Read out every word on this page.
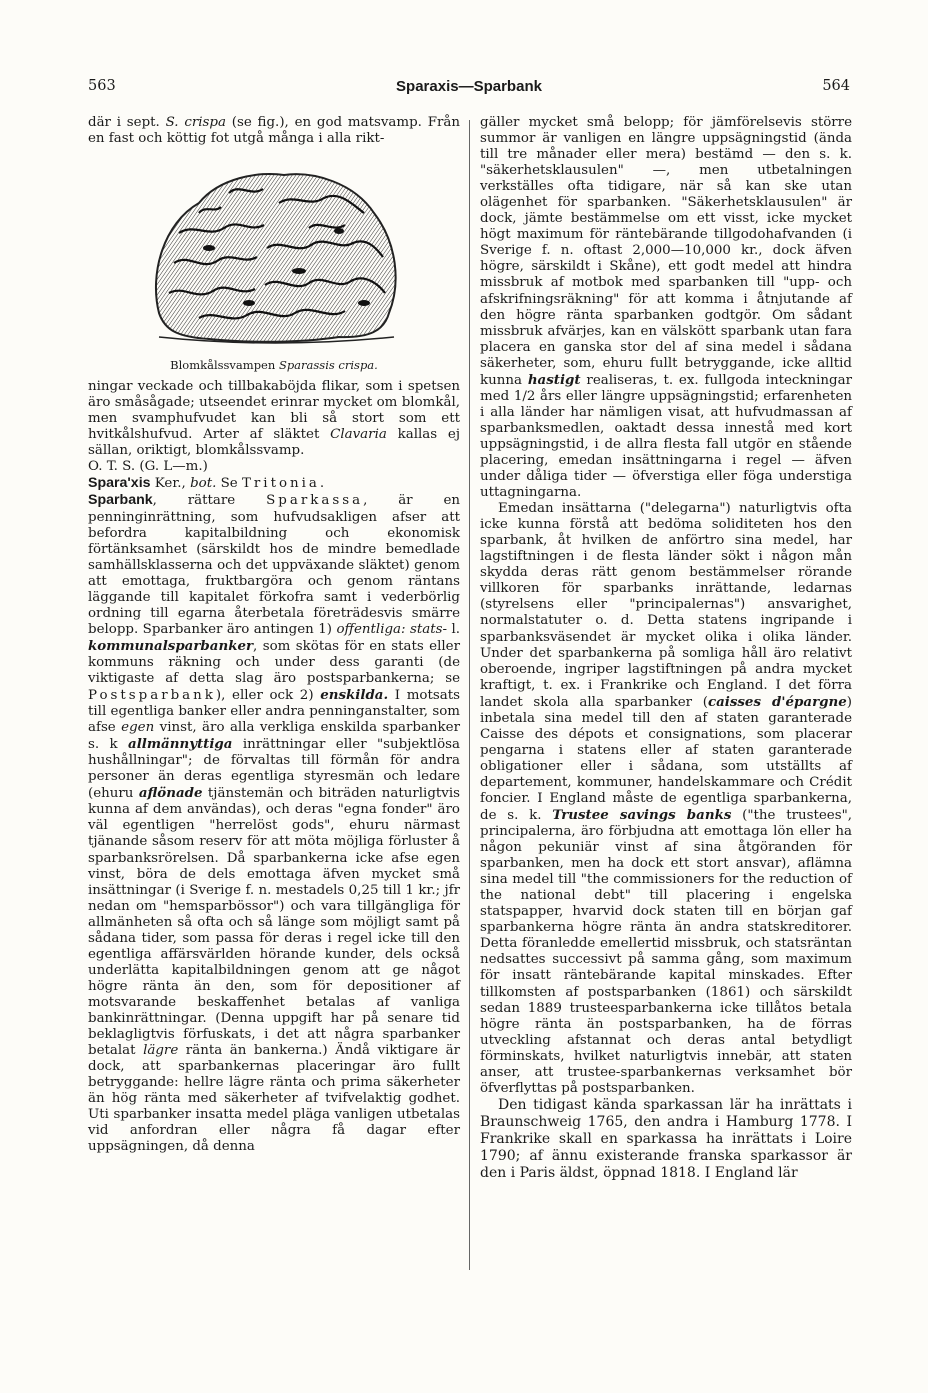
563	Sparaxis—Sparbank	564

där i sept. S. crispa (se fig.), en god matsvamp. Från en fast och köttig fot utgå många i alla rikt-

Blomkålssvampen Sparassis crispa.

ningar veckade och tillbakaböjda flikar, som i spetsen äro småsågade; utseendet erinrar mycket om blomkål, men svamphufvudet kan bli så stort som ett hvitkålshufvud. Arter af släktet Clavaria kallas ej sällan, oriktigt, blomkålssvamp.

O. T. S. (G. L—m.)

Spara'xis Ker., bot. Se Tritonia.

Sparbank, rättare Sparkassa, är en penninginrättning, som hufvudsakligen afser att befordra kapitalbildning och ekonomisk förtänksamhet (särskildt hos de mindre bemedlade samhällsklasserna och det uppväxande släktet) genom att emottaga, fruktbargöra och genom räntans läggande till kapitalet förkofra samt i vederbörlig ordning till egarna återbetala företrädesvis smärre belopp. Sparbanker äro antingen 1) offentliga: stats- l. kommunalsparbanker, som skötas för en stats eller kommuns räkning och under dess garanti (de viktigaste af detta slag äro postsparbankerna; se Postsparbank), eller ock 2) enskilda. I motsats till egentliga banker eller andra penninganstalter, som afse egen vinst, äro alla verkliga enskilda sparbanker s. k allmännyttiga inrättningar eller "subjektlösa hushållningar"; de förvaltas till förmån för andra personer än deras egentliga styresmän och ledare (ehuru aflönade tjänstemän och biträden naturligtvis kunna af dem användas), och deras "egna fonder" äro väl egentligen "herrelöst gods", ehuru närmast tjänande såsom reserv för att möta möjliga förluster å sparbanksrörelsen. Då sparbankerna icke afse egen vinst, böra de dels emottaga äfven mycket små insättningar (i Sverige f. n. mestadels 0,25 till 1 kr.; jfr nedan om "hemsparbössor") och vara tillgängliga för allmänheten så ofta och så länge som möjligt samt på sådana tider, som passa för deras i regel icke till den egentliga affärsvärlden hörande kunder, dels också underlätta kapitalbildningen genom att ge något högre ränta än den, som för depositioner af motsvarande beskaffenhet betalas af vanliga bankinrättningar. (Denna uppgift har på senare tid beklagligtvis förfuskats, i det att några sparbanker betalat lägre ränta än bankerna.) Ändå viktigare är dock, att sparbankernas placeringar äro fullt betryggande: hellre lägre ränta och prima säkerheter än hög ränta med säkerheter af tvifvelaktig godhet. Uti sparbanker insatta medel pläga vanligen utbetalas vid anfordran eller några få dagar efter uppsägningen, då denna

gäller mycket små belopp; för jämförelsevis större summor är vanligen en längre uppsägningstid (ända till tre månader eller mera) bestämd — den s. k. "säkerhetsklausulen" —, men utbetalningen verkställes ofta tidigare, när så kan ske utan olägenhet för sparbanken. "Säkerhetsklausulen" är dock, jämte bestämmelse om ett visst, icke mycket högt maximum för räntebärande tillgodohafvanden (i Sverige f. n. oftast 2,000—10,000 kr., dock äfven högre, särskildt i Skåne), ett godt medel att hindra missbruk af motbok med sparbanken till "upp- och afskrifningsräkning" för att komma i åtnjutande af den högre ränta sparbanken godtgör. Om sådant missbruk afvärjes, kan en välskött sparbank utan fara placera en ganska stor del af sina medel i sådana säkerheter, som, ehuru fullt betryggande, icke alltid kunna hastigt realiseras, t. ex. fullgoda inteckningar med 1/2 års eller längre uppsägningstid; erfarenheten i alla länder har nämligen visat, att hufvudmassan af sparbanksmedlen, oaktadt dessa innestå med kort uppsägningstid, i de allra flesta fall utgör en stående placering, emedan insättningarna i regel — äfven under dåliga tider — öfverstiga eller föga understiga uttagningarna.

Emedan insättarna ("delegarna") naturligtvis ofta icke kunna förstå att bedöma soliditeten hos den sparbank, åt hvilken de anförtro sina medel, har lagstiftningen i de flesta länder sökt i någon mån skydda deras rätt genom bestämmelser rörande villkoren för sparbanks inrättande, ledarnas (styrelsens eller "principalernas") ansvarighet, normalstatuter o. d. Detta statens ingripande i sparbanksväsendet är mycket olika i olika länder. Under det sparbankerna på somliga håll äro relativt oberoende, ingriper lagstiftningen på andra mycket kraftigt, t. ex. i Frankrike och England. I det förra landet skola alla sparbanker (caisses d'épargne) inbetala sina medel till den af staten garanterade Caisse des dépots et consignations, som placerar pengarna i statens eller af staten garanterade obligationer eller i sådana, som utställts af departement, kommuner, handelskammare och Crédit foncier. I England måste de egentliga sparbankerna, de s. k. Trustee savings banks ("the trustees", principalerna, äro förbjudna att emottaga lön eller ha någon pekuniär vinst af sina åtgöranden för sparbanken, men ha dock ett stort ansvar), aflämna sina medel till "the commissioners for the reduction of the national debt" till placering i engelska statspapper, hvarvid dock staten till en början gaf sparbankerna högre ränta än andra statskreditorer. Detta föranledde emellertid missbruk, och statsräntan nedsattes successivt på samma gång, som maximum för insatt räntebärande kapital minskades. Efter tillkomsten af postsparbanken (1861) och särskildt sedan 1889 trusteesparbankerna icke tillåtos betala högre ränta än postsparbanken, ha de förras utveckling afstannat och deras antal betydligt förminskats, hvilket naturligtvis innebär, att staten anser, att trustee-sparbankernas verksamhet bör öfverflyttas på postsparbanken.

Den tidigast kända sparkassan lär ha inrättats i Braunschweig 1765, den andra i Hamburg 1778. I Frankrike skall en sparkassa ha inrättats i Loire 1790; af ännu existerande franska sparkassor är den i Paris äldst, öppnad 1818. I England lär
